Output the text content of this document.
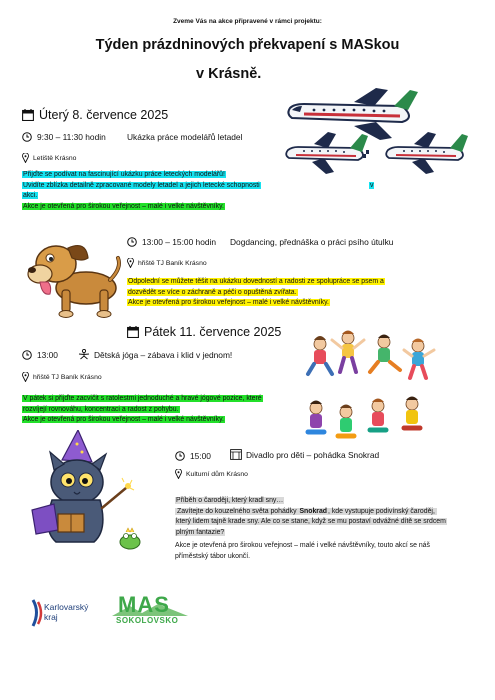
Zveme Vás na akce připravené v rámci projektu:
Týden prázdninových překvapení s MASkou
v Krásně.
Úterý 8. července 2025
9:30 – 11:30 hodin	Ukázka práce modelářů letadel
Letiště Krásno
Přijďte se podívat na fascinující ukázku práce leteckých modelářů!
Uvidíte zblízka detailně zpracované modely letadel a jejich letecké schopnosti
akci.
Akce je otevřená pro širokou veřejnost – malé i velké návštěvníky.
v
13:00 – 15:00 hodin Dogdancing, přednáška o práci psího útulku
hřiště TJ Baník Krásno
Odpolední se můžete těšit na ukázku dovedností a radosti ze spolupráce se psem a
dozvědět se více o záchraně a péči o opuštěná zvířata.
Akce je otevřená pro širokou veřejnost – malé i velké návštěvníky.
Pátek 11. července 2025
13:00	Dětská jóga – zábava i klid v jednom!
hřiště TJ Baník Krásno
V pátek si přijďte zacvičit s ratolestmi jednoduché a hravé jógové pozice, které
rozvíjejí rovnováhu, koncentraci a radost z pohybu.
Akce je otevřená pro širokou veřejnost – malé i velké návštěvníky.
15:00	Divadlo pro děti – pohádka Snokrad
Kulturní dům Krásno
Příběh o čaroději, který kradl sny…
Zavítejte do kouzelného světa pohádky Snokrad, kde vystupuje podivínský čaroděj,
který lidem tajně krade sny. Ale co se stane, když se mu postaví odvážné dítě se srdcem
plným fantazie?
Akce je otevřená pro širokou veřejnost – malé i velké návštěvníky, touto akcí se náš
příměstský tábor ukončí.
Karlovarský
kraj	MAS
SOKOLOVSKO
